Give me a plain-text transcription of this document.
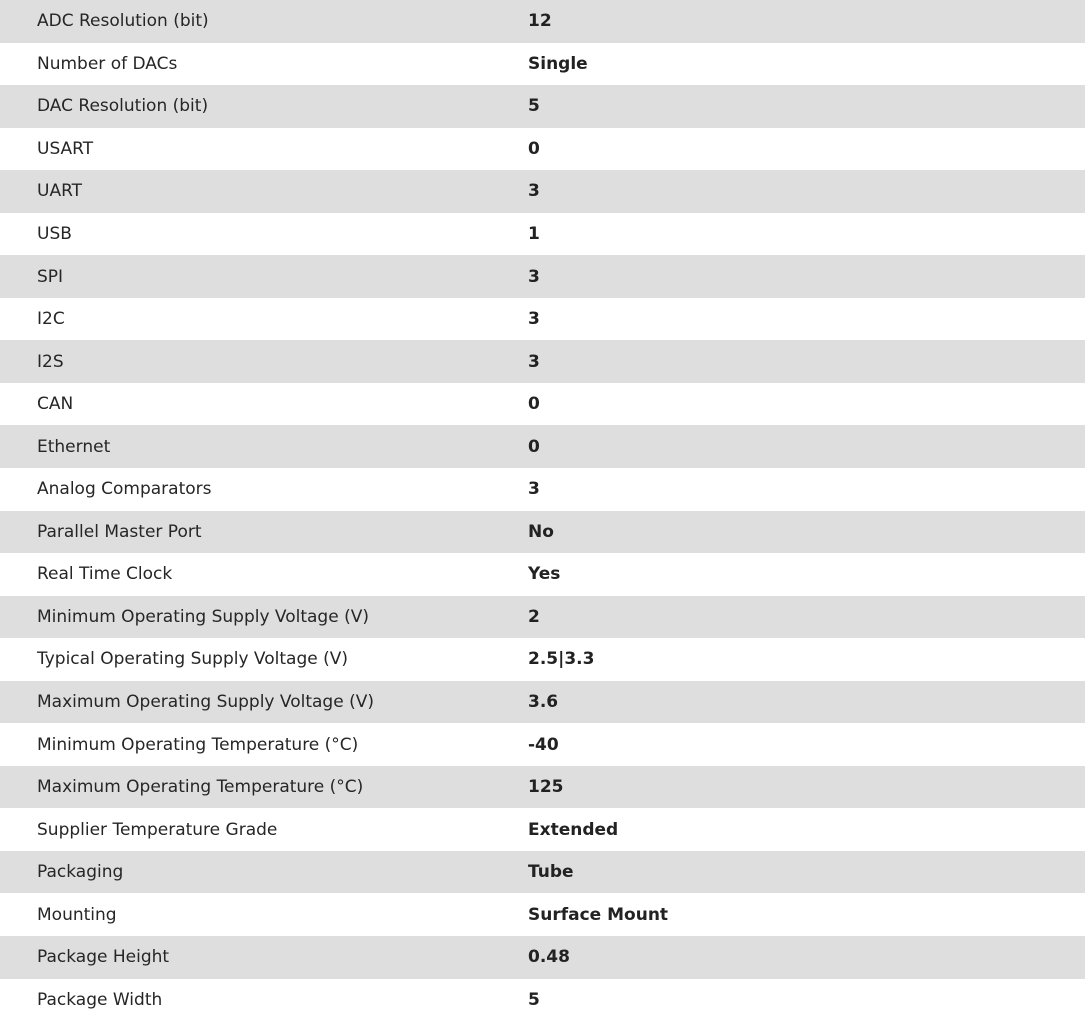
ADC Resolution (bit)	12
Number of DACs	Single
DAC Resolution (bit)	5
USART	0
UART	3
USB	1
SPI	3
I2C	3
I2S	3
CAN	0
Ethernet	0
Analog Comparators	3
Parallel Master Port	No
Real Time Clock	Yes
Minimum Operating Supply Voltage (V)	2
Typical Operating Supply Voltage (V)	2.5|3.3
Maximum Operating Supply Voltage (V)	3.6
Minimum Operating Temperature (°C)	-40
Maximum Operating Temperature (°C)	125
Supplier Temperature Grade	Extended
Packaging	Tube
Mounting	Surface Mount
Package Height	0.48
Package Width	5
